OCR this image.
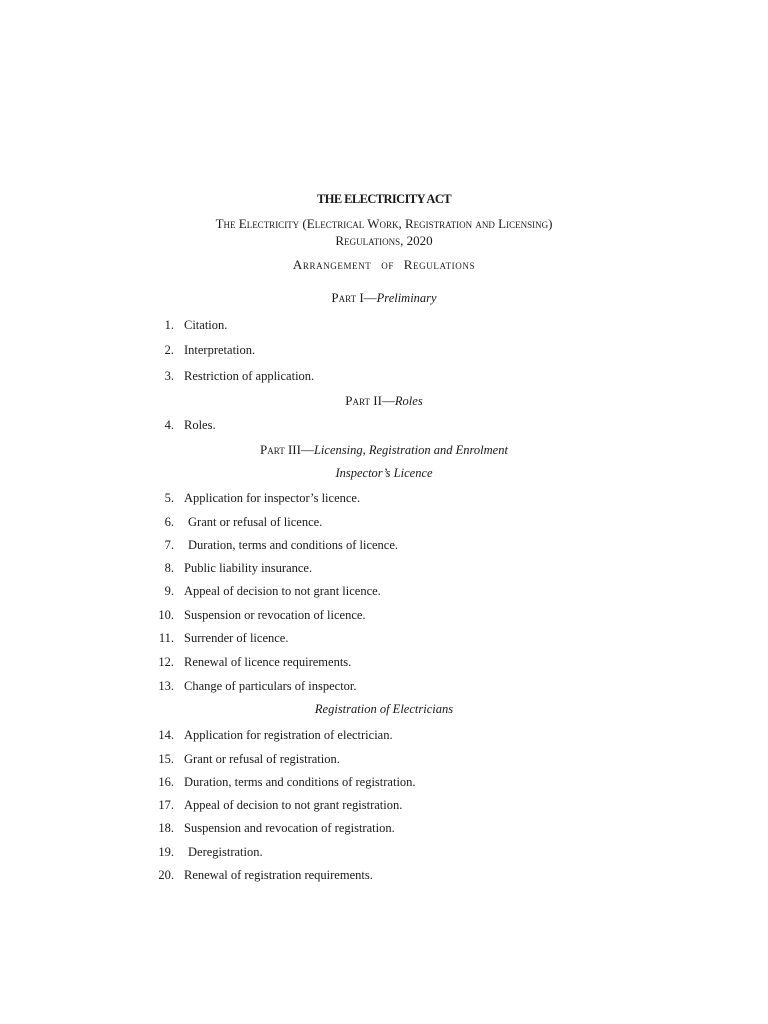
THE ELECTRICITY ACT
The Electricity (Electrical Work, Registration and Licensing)
Regulations, 2020
Arrangement of Regulations
Part I—Preliminary
1. Citation.
2. Interpretation.
3. Restriction of application.
Part II—Roles
4. Roles.
Part III—Licensing, Registration and Enrolment
Inspector’s Licence
5. Application for inspector’s licence.
6. Grant or refusal of licence.
7. Duration, terms and conditions of licence.
8. Public liability insurance.
9. Appeal of decision to not grant licence.
10. Suspension or revocation of licence.
11. Surrender of licence.
12. Renewal of licence requirements.
13. Change of particulars of inspector.
Registration of Electricians
14. Application for registration of electrician.
15. Grant or refusal of registration.
16. Duration, terms and conditions of registration.
17. Appeal of decision to not grant registration.
18. Suspension and revocation of registration.
19. Deregistration.
20. Renewal of registration requirements.
